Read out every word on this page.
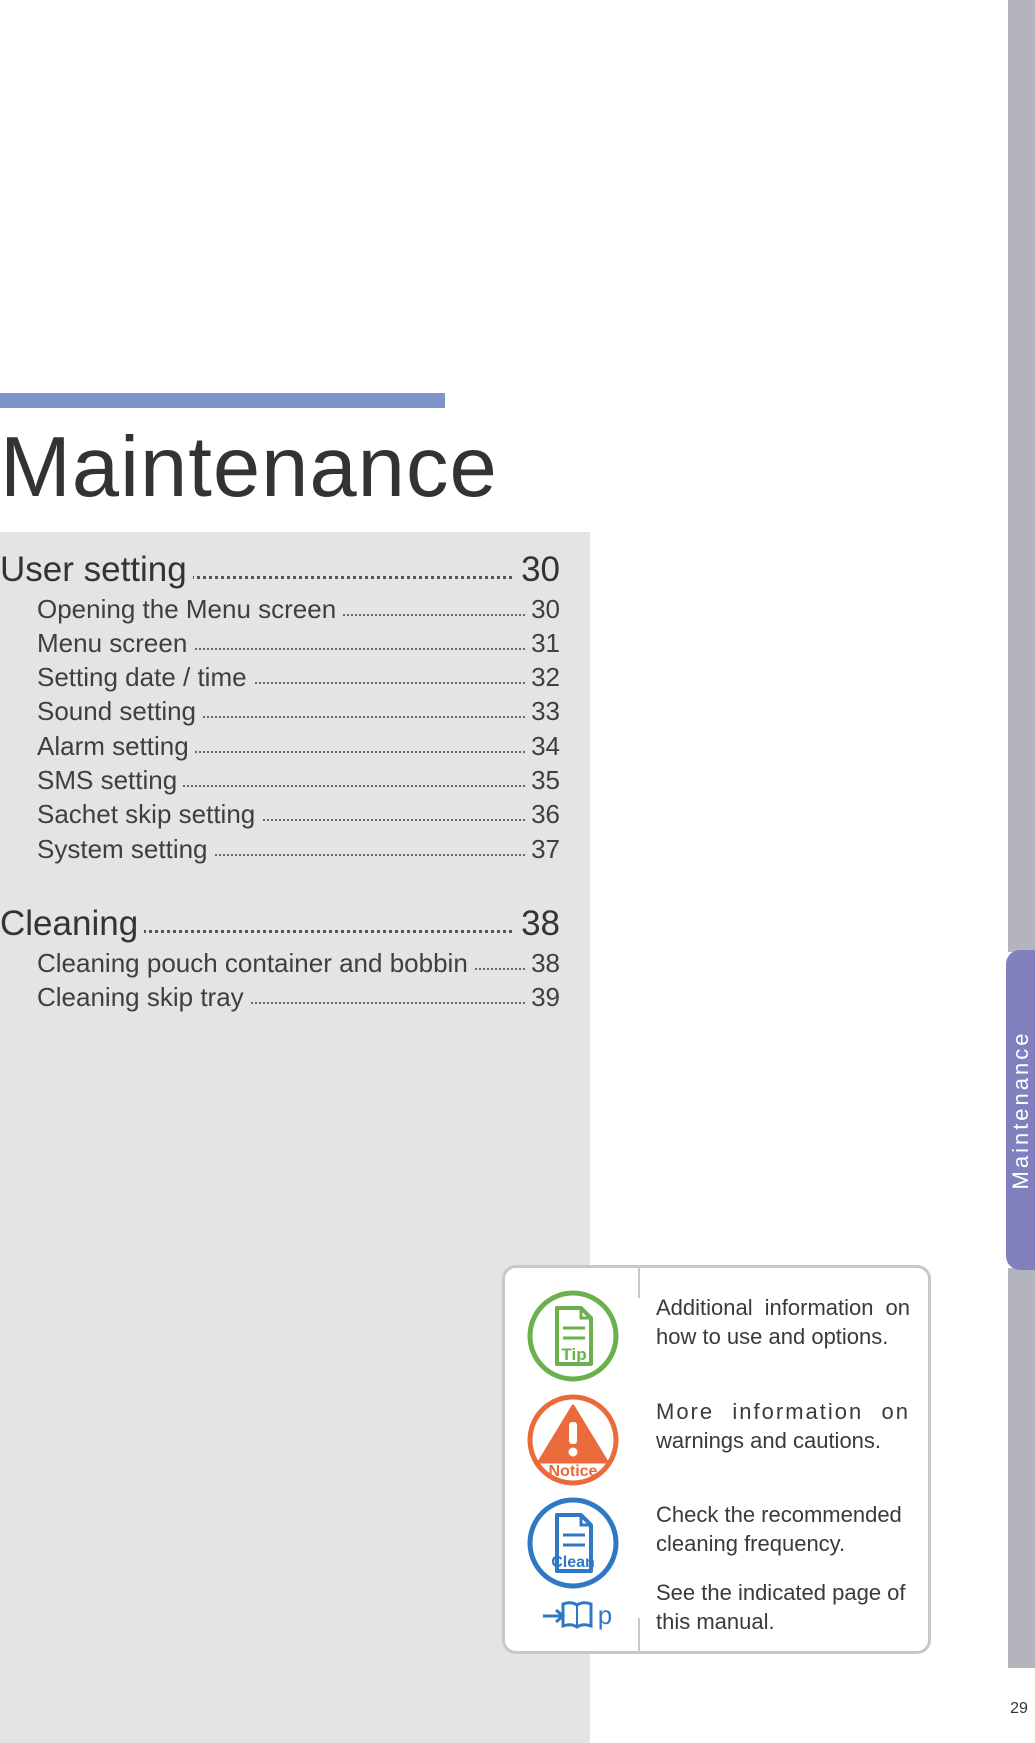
Maintenance
User setting	30
Opening the Menu screen	30
Menu screen	31
Setting date / time	32
Sound setting	33
Alarm setting	34
SMS setting	35
Sachet skip setting	36
System setting	37
Cleaning	38
Cleaning pouch container and bobbin 38
Cleaning skip tray	39
Maintenance
29
Tip
Additional information on
how to use and options.
Notice
More information on
warnings and cautions.
Clean
Check the recommended
cleaning frequency.
p
See the indicated page of
this manual.
